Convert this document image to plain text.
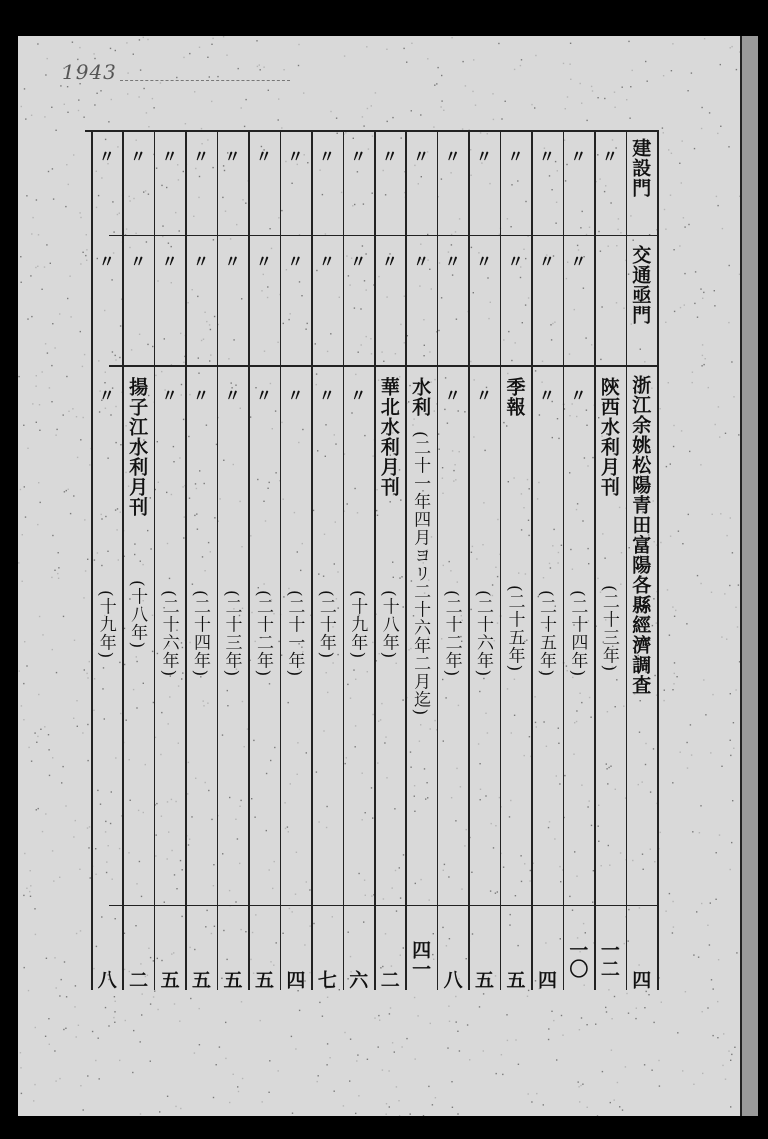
1943
建設門
浙江余姚松陽青田富陽各縣經濟調査
四
〃
交通亟門
陝西水利月刊
(二十三年)
一二
〃
〃
〃
(二十四年)
一〇
〃
〃
〃
(二十五年)
四
〃
〃
季報
(二十五年)
五
〃
〃
〃
(二十六年)
五
〃
〃
〃
(二十二年)
八
〃
〃
水利
(二十一年四月ヨリ二十六年二月迄)
四一
〃
〃
華北水利月刊
(十八年)
二
〃
〃
〃
(十九年)
六
〃
〃
〃
(二十年)
七
〃
〃
〃
(二十一年)
四
〃
〃
〃
(二十二年)
五
〃
〃
〃
(二十三年)
五
〃
〃
〃
(二十四年)
五
〃
〃
〃
(二十六年)
五
〃
〃
揚子江水利月刊
(十八年)
二
〃
〃
〃
(十九年)
八
